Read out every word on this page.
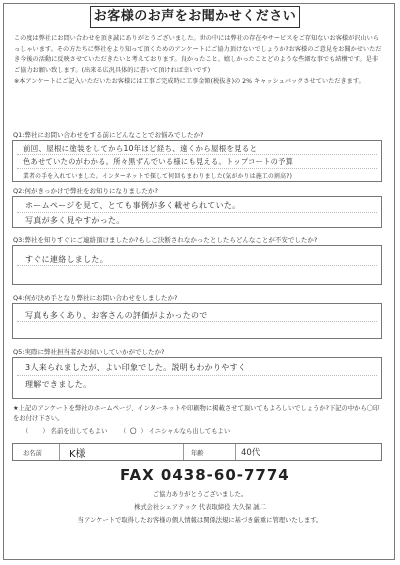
お客様のお声をお聞かせください

この度は弊社にお問い合わせを頂き誠にありがとうございました。世の中には弊社の存在やサービスをご存知ないお客様が沢山いらっしゃいます。その方たちに弊社をより知って頂くためのアンケートにご協力頂けないでしょうか?お客様のご意見をお聞かせいただき今後の活動に反映させていただきたいと考えております。良かったこと、嬉しかったことどのような些細な事でも結構です。是非ご協力お願い致します。(出来る広汎具体的に書いて頂ければ幸いです)

※本アンケートにご記入いただいたお客様には工事ご完成時に工事金額(税抜き)の 2% キャッシュバックさせていただきます。

Q1:弊社にお問い合わせをする前にどんなことでお悩みでしたか?
前回、屋根に塗装をしてから10年ほど経ち、遠くから屋根を見ると
色あせていたのがわかる。所々黒ずんでいる様にも見える。トップコートの予算
業者の手を入れていました。インターネットで探して何回もまわりました(気がかりは施工の割高?)
Q2:何がきっかけで弊社をお知りになりましたか?
ホームページを見て、とても事例が多く載せられていた。
写真が多く見やすかった。
Q3:弊社を知りすぐにご連絡頂けましたか?もしご決断されなかったとしたらどんなことが不安でしたか?
すぐに連絡しました。
Q4:何が決め手となり弊社にお問い合わせをしましたか?
写真も多くあり、お客さんの評価がよかったので
Q5:実際に弊社担当者がお伺いしていかがでしたか?
3人来られましたが、よい印象でした。説明もわかりやすく
理解できました。
★上記のアンケートを弊社のホームページ、インターネットや印刷物に掲載させて頂いてもよろしいでしょうか?下記の中から〇印をお付け下さい。
（ ） 名前を出してもよい （ 〇 ） イニシャルなら出してもよい
お名前	K様	年齢	40代
FAX 0438-60-7774
ご協力ありがとうございました。
株式会社シェアテック 代表取締役 大久保 誠二
当アンケートで取得したお客様の個人情報は関係法規に基づき厳重に管理いたします。
